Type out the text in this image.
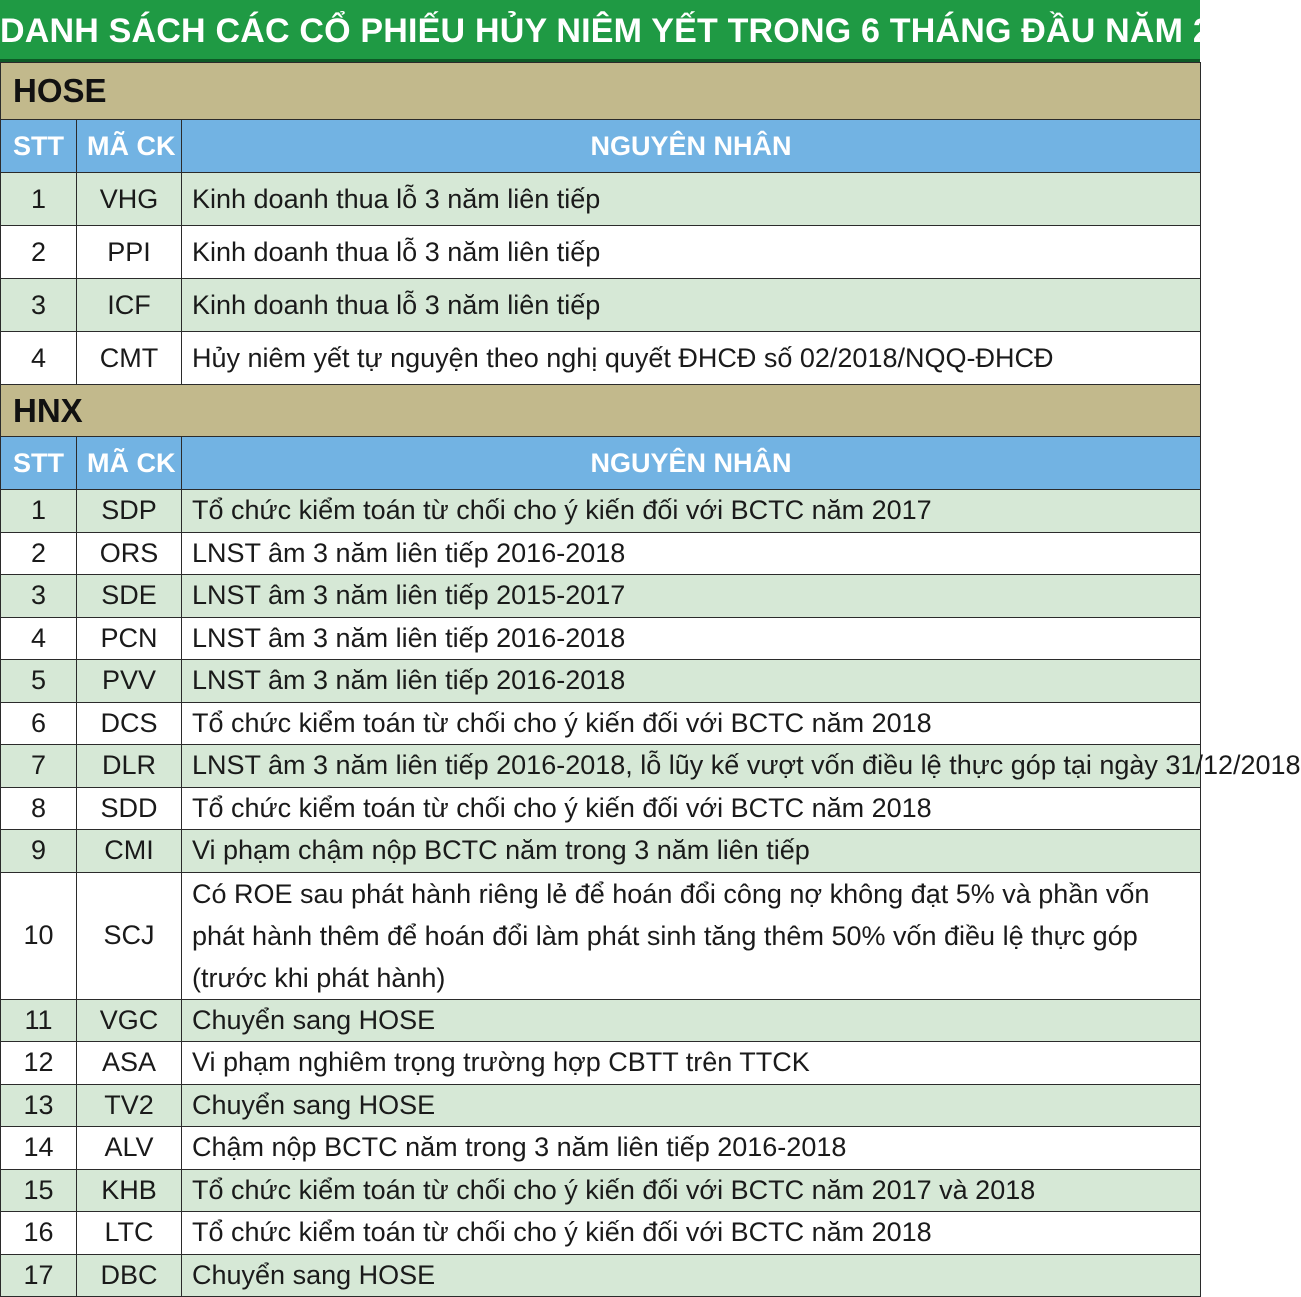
DANH SÁCH CÁC CỔ PHIẾU HỦY NIÊM YẾT TRONG 6 THÁNG ĐẦU NĂM 2019
HOSE		
STT	MÃ CK	NGUYÊN NHÂN
1	VHG	Kinh doanh thua lỗ 3 năm liên tiếp
2	PPI	Kinh doanh thua lỗ 3 năm liên tiếp
3	ICF	Kinh doanh thua lỗ 3 năm liên tiếp
4	CMT	Hủy niêm yết tự nguyện theo nghị quyết ĐHCĐ số 02/2018/NQQ-ĐHCĐ
HNX		
STT	MÃ CK	NGUYÊN NHÂN
1	SDP	Tổ chức kiểm toán từ chối cho ý kiến đối với BCTC năm 2017
2	ORS	LNST âm 3 năm liên tiếp 2016-2018
3	SDE	LNST âm 3 năm liên tiếp 2015-2017
4	PCN	LNST âm 3 năm liên tiếp 2016-2018
5	PVV	LNST âm 3 năm liên tiếp 2016-2018
6	DCS	Tổ chức kiểm toán từ chối cho ý kiến đối với BCTC năm 2018
7	DLR	LNST âm 3 năm liên tiếp 2016-2018, lỗ lũy kế vượt vốn điều lệ thực góp tại ngày 31/12/2018
8	SDD	Tổ chức kiểm toán từ chối cho ý kiến đối với BCTC năm 2018
9	CMI	Vi phạm chậm nộp BCTC năm trong 3 năm liên tiếp
10	SCJ	Có ROE sau phát hành riêng lẻ để hoán đổi công nợ không đạt 5% và phần vốn phát hành thêm để hoán đổi làm phát sinh tăng thêm 50% vốn điều lệ thực góp (trước khi phát hành)
11	VGC	Chuyển sang HOSE
12	ASA	Vi phạm nghiêm trọng trường hợp CBTT trên TTCK
13	TV2	Chuyển sang HOSE
14	ALV	Chậm nộp BCTC năm trong 3 năm liên tiếp 2016-2018
15	KHB	Tổ chức kiểm toán từ chối cho ý kiến đối với BCTC năm 2017 và 2018
16	LTC	Tổ chức kiểm toán từ chối cho ý kiến đối với BCTC năm 2018
17	DBC	Chuyển sang HOSE
